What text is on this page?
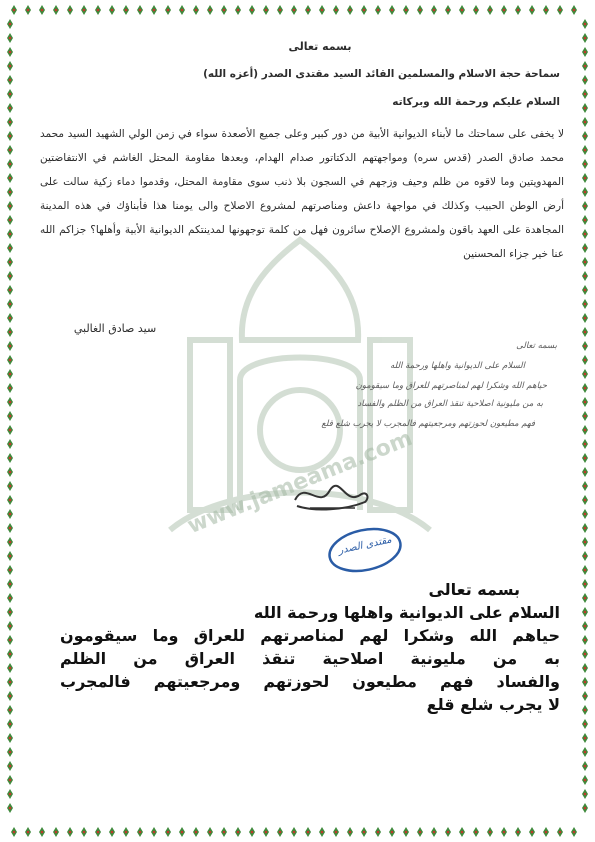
www.jameama.com
بسمه تعالى
سماحة حجة الاسلام والمسلمين القائد السيد مقتدى الصدر (أعزه الله)
السلام عليكم ورحمة الله وبركاته
لا يخفى على سماحتك ما لأبناء الديوانية الأبية من دور كبير وعلى جميع الأصعدة سواء في زمن الولي الشهيد السيد محمد محمد صادق الصدر (قدس سره) ومواجهتهم الدكتاتور صدام الهدام، وبعدها مقاومة المحتل الغاشم في الانتفاضتين المهدويتين وما لاقوه من ظلم وحيف وزجهم في السجون بلا ذنب سوى مقاومة المحتل، وقدموا دماء زكية سالت على أرض الوطن الحبيب وكذلك في مواجهة داعش ومناصرتهم لمشروع الاصلاح والى يومنا هذا فأبناؤك في هذه المدينة المجاهدة على العهد باقون ولمشروع الإصلاح سائرون فهل من كلمة توجهونها لمدينتكم الديوانية الأبية وأهلها؟ جزاكم الله عنا خير جزاء المحسنين
سيد صادق الغالبي
بسمه تعالى
السلام على الديوانية واهلها ورحمة الله
حياهم الله وشكرا لهم لمناصرتهم للعراق وما سيقومون
به من مليونية اصلاحية تنقذ العراق من الظلم والفساد
فهم مطيعون لحوزتهم ومرجعيتهم فالمجرب لا يجرب شلع قلع
مقتدى الصدر
بسمه تعالى
السلام على الديوانية واهلها ورحمة الله
حياهم الله وشكرا لهم لمناصرتهم للعراق وما سيقومون
به من مليونية اصلاحية تنقذ العراق من الظلم
والفساد فهم مطيعون لحوزتهم ومرجعيتهم فالمجرب
لا يجرب شلع قلع
